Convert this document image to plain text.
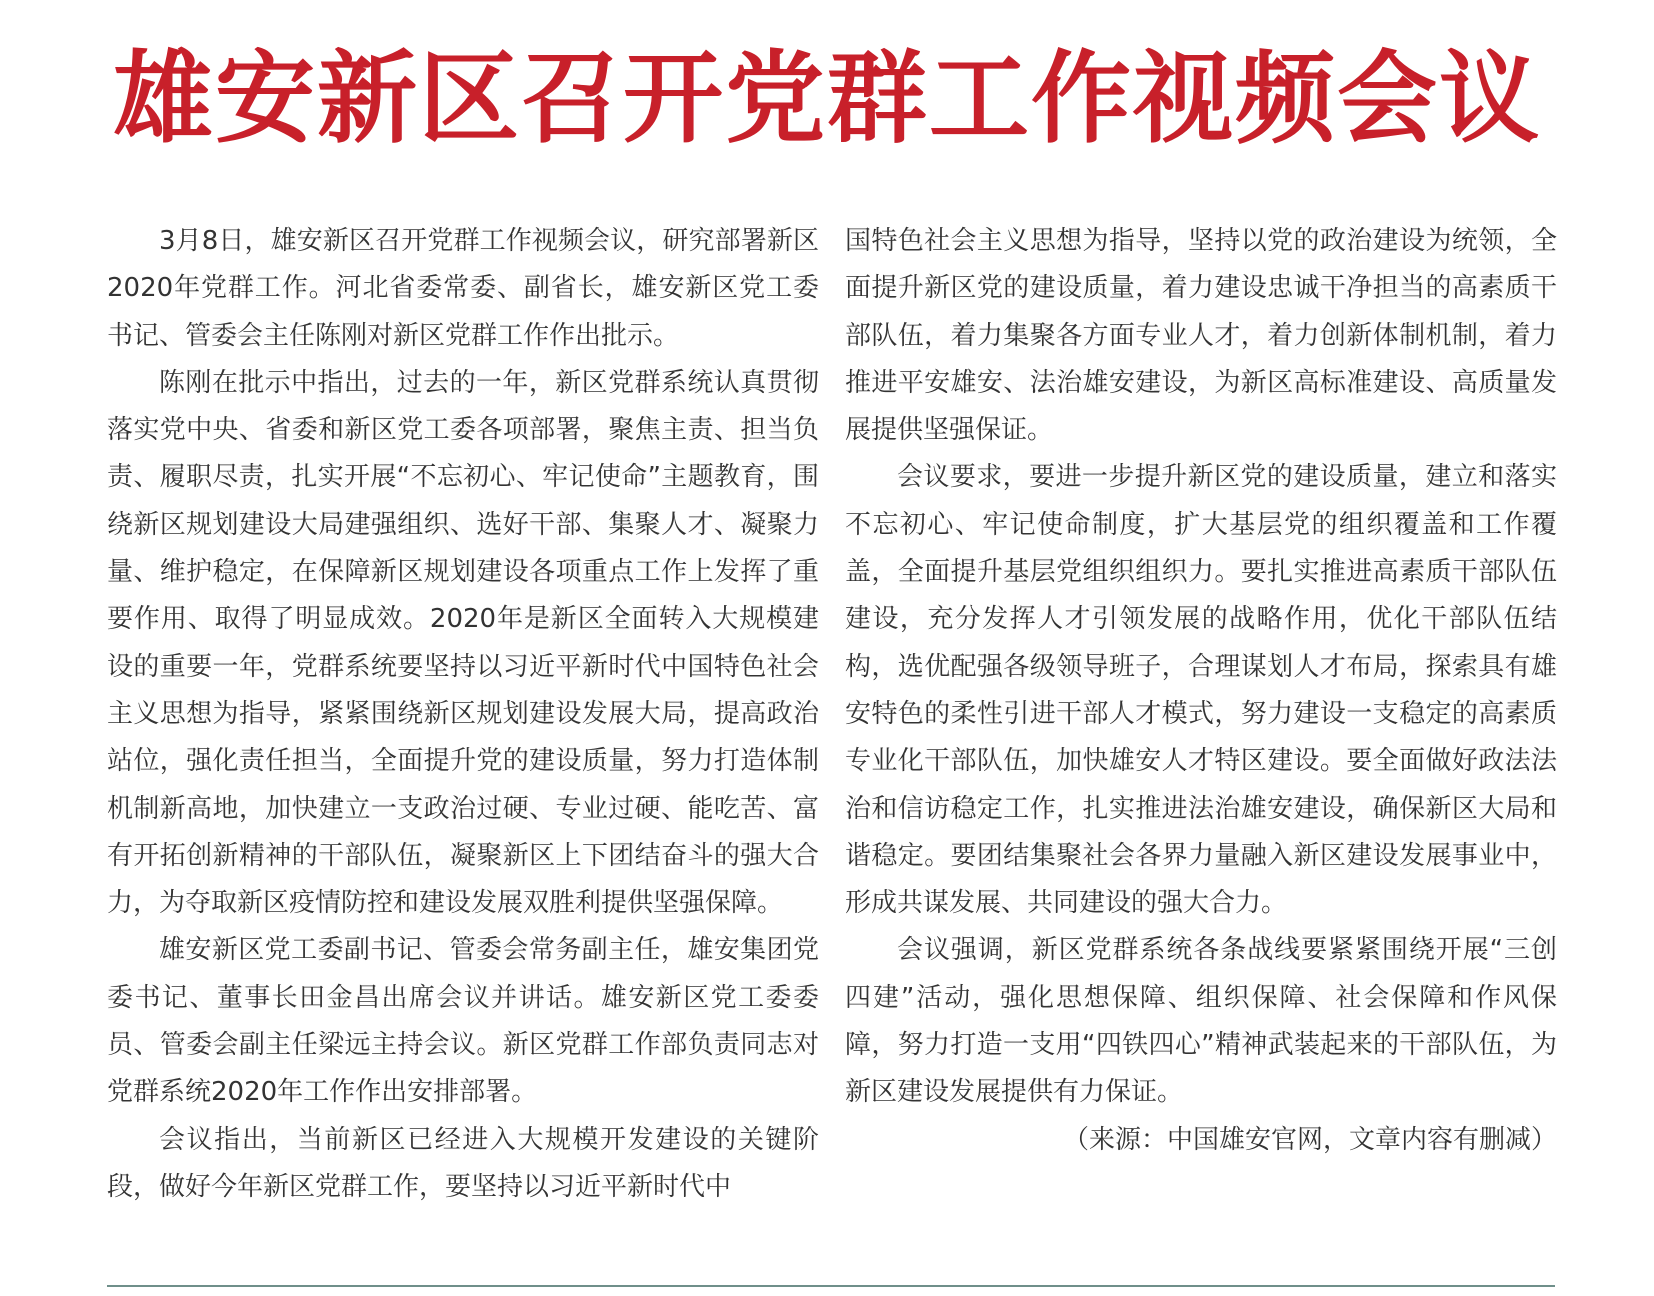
雄安新区召开党群工作视频会议

3月8日，雄安新区召开党群工作视频会议，研究部署新区2020年党群工作。河北省委常委、副省长，雄安新区党工委书记、管委会主任陈刚对新区党群工作作出批示。

陈刚在批示中指出，过去的一年，新区党群系统认真贯彻落实党中央、省委和新区党工委各项部署，聚焦主责、担当负责、履职尽责，扎实开展“不忘初心、牢记使命”主题教育，围绕新区规划建设大局建强组织、选好干部、集聚人才、凝聚力量、维护稳定，在保障新区规划建设各项重点工作上发挥了重要作用、取得了明显成效。2020年是新区全面转入大规模建设的重要一年，党群系统要坚持以习近平新时代中国特色社会主义思想为指导，紧紧围绕新区规划建设发展大局，提高政治站位，强化责任担当，全面提升党的建设质量，努力打造体制机制新高地，加快建立一支政治过硬、专业过硬、能吃苦、富有开拓创新精神的干部队伍，凝聚新区上下团结奋斗的强大合力，为夺取新区疫情防控和建设发展双胜利提供坚强保障。

雄安新区党工委副书记、管委会常务副主任，雄安集团党委书记、董事长田金昌出席会议并讲话。雄安新区党工委委员、管委会副主任梁远主持会议。新区党群工作部负责同志对党群系统2020年工作作出安排部署。

会议指出，当前新区已经进入大规模开发建设的关键阶段，做好今年新区党群工作，要坚持以习近平新时代中

国特色社会主义思想为指导，坚持以党的政治建设为统领，全面提升新区党的建设质量，着力建设忠诚干净担当的高素质干部队伍，着力集聚各方面专业人才，着力创新体制机制，着力推进平安雄安、法治雄安建设，为新区高标准建设、高质量发展提供坚强保证。

会议要求，要进一步提升新区党的建设质量，建立和落实不忘初心、牢记使命制度，扩大基层党的组织覆盖和工作覆盖，全面提升基层党组织组织力。要扎实推进高素质干部队伍建设，充分发挥人才引领发展的战略作用，优化干部队伍结构，选优配强各级领导班子，合理谋划人才布局，探索具有雄安特色的柔性引进干部人才模式，努力建设一支稳定的高素质专业化干部队伍，加快雄安人才特区建设。要全面做好政法法治和信访稳定工作，扎实推进法治雄安建设，确保新区大局和谐稳定。要团结集聚社会各界力量融入新区建设发展事业中，形成共谋发展、共同建设的强大合力。

会议强调，新区党群系统各条战线要紧紧围绕开展“三创四建”活动，强化思想保障、组织保障、社会保障和作风保障，努力打造一支用“四铁四心”精神武装起来的干部队伍，为新区建设发展提供有力保证。

（来源：中国雄安官网，文章内容有删减）
